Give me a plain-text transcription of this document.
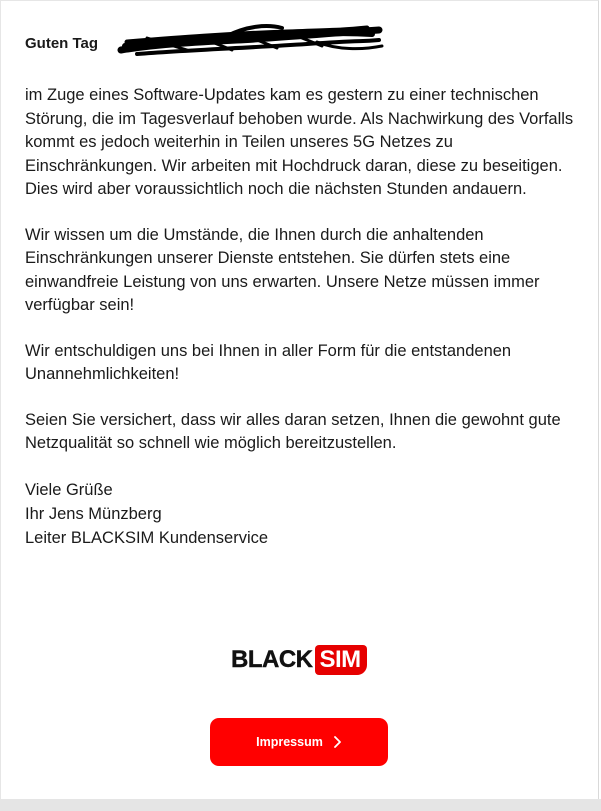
Guten Tag
im Zuge eines Software-Updates kam es gestern zu einer technischen Störung, die im Tagesverlauf behoben wurde. Als Nachwirkung des Vorfalls kommt es jedoch weiterhin in Teilen unseres 5G Netzes zu Einschränkungen. Wir arbeiten mit Hochdruck daran, diese zu beseitigen. Dies wird aber voraussichtlich noch die nächsten Stunden andauern.
Wir wissen um die Umstände, die Ihnen durch die anhaltenden Einschränkungen unserer Dienste entstehen. Sie dürfen stets eine einwandfreie Leistung von uns erwarten. Unsere Netze müssen immer verfügbar sein!
Wir entschuldigen uns bei Ihnen in aller Form für die entstandenen Unannehmlichkeiten!
Seien Sie versichert, dass wir alles daran setzen, Ihnen die gewohnt gute Netzqualität so schnell wie möglich bereitzustellen.
Viele Grüße
Ihr Jens Münzberg
Leiter BLACKSIM Kundenservice
BLACK SIM
Impressum
